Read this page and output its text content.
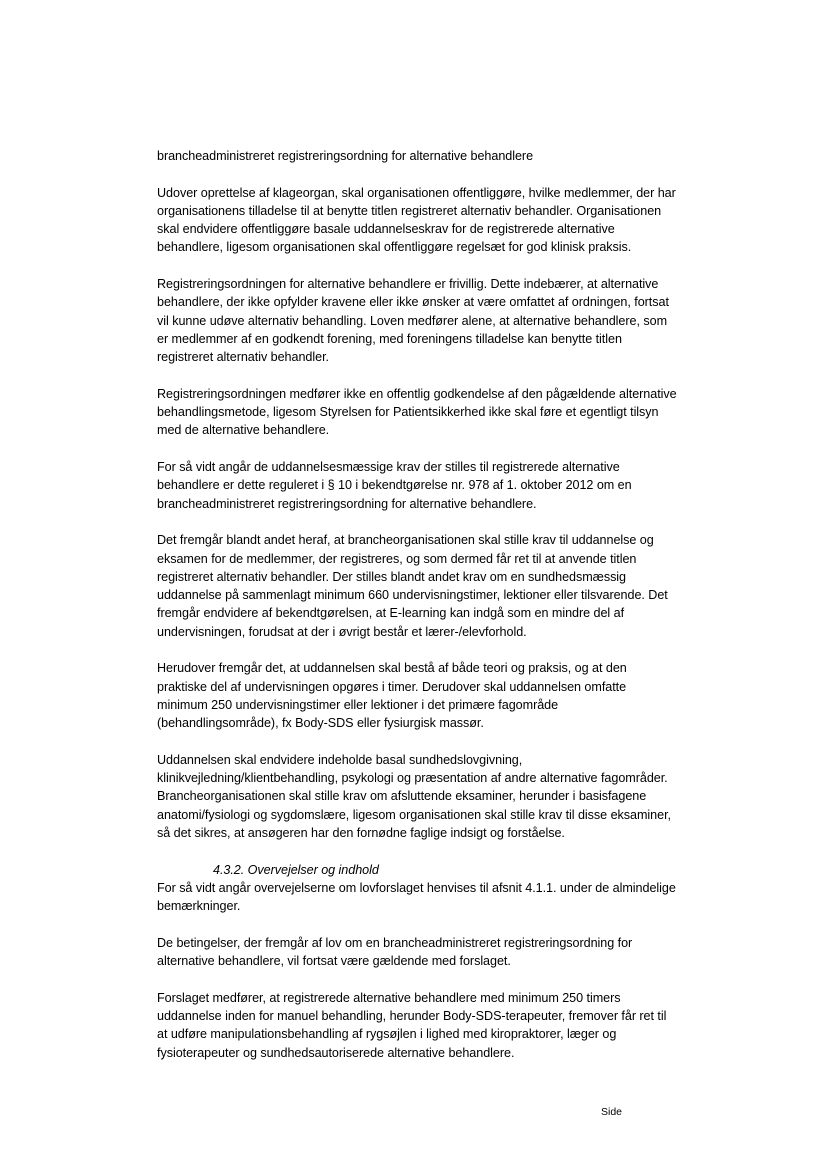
brancheadministreret registreringsordning for alternative behandlere

Udover oprettelse af klageorgan, skal organisationen offentliggøre, hvilke medlemmer, der har organisationens tilladelse til at benytte titlen registreret alternativ behandler. Organisationen skal endvidere offentliggøre basale uddannelseskrav for de registrerede alternative behandlere, ligesom organisationen skal offentliggøre regelsæt for god klinisk praksis.

Registreringsordningen for alternative behandlere er frivillig. Dette indebærer, at alternative behandlere, der ikke opfylder kravene eller ikke ønsker at være omfattet af ordningen, fortsat vil kunne udøve alternativ behandling. Loven medfører alene, at alternative behandlere, som er medlemmer af en godkendt forening, med foreningens tilladelse kan benytte titlen registreret alternativ behandler.

Registreringsordningen medfører ikke en offentlig godkendelse af den pågældende alternative behandlingsmetode, ligesom Styrelsen for Patientsikkerhed ikke skal føre et egentligt tilsyn med de alternative behandlere.

For så vidt angår de uddannelsesmæssige krav der stilles til registrerede alternative behandlere er dette reguleret i § 10 i bekendtgørelse nr. 978 af 1. oktober 2012 om en brancheadministreret registreringsordning for alternative behandlere.

Det fremgår blandt andet heraf, at brancheorganisationen skal stille krav til uddannelse og eksamen for de medlemmer, der registreres, og som dermed får ret til at anvende titlen registreret alternativ behandler. Der stilles blandt andet krav om en sundhedsmæssig uddannelse på sammenlagt minimum 660 undervisningstimer, lektioner eller tilsvarende. Det fremgår endvidere af bekendtgørelsen, at E-learning kan indgå som en mindre del af undervisningen, forudsat at der i øvrigt består et lærer-/elevforhold.

Herudover fremgår det, at uddannelsen skal bestå af både teori og praksis, og at den praktiske del af undervisningen opgøres i timer. Derudover skal uddannelsen omfatte minimum 250 undervisningstimer eller lektioner i det primære fagområde (behandlingsområde), fx Body-SDS eller fysiurgisk massør.

Uddannelsen skal endvidere indeholde basal sundhedslovgivning, klinikvejledning/klientbehandling, psykologi og præsentation af andre alternative fagområder. Brancheorganisationen skal stille krav om afsluttende eksaminer, herunder i basisfagene anatomi/fysiologi og sygdomslære, ligesom organisationen skal stille krav til disse eksaminer, så det sikres, at ansøgeren har den fornødne faglige indsigt og forståelse.

4.3.2. Overvejelser og indhold

For så vidt angår overvejelserne om lovforslaget henvises til afsnit 4.1.1. under de almindelige bemærkninger.

De betingelser, der fremgår af lov om en brancheadministreret registreringsordning for alternative behandlere, vil fortsat være gældende med forslaget.

Forslaget medfører, at registrerede alternative behandlere med minimum 250 timers uddannelse inden for manuel behandling, herunder Body-SDS-terapeuter, fremover får ret til at udføre manipulationsbehandling af rygsøjlen i lighed med kiropraktorer, læger og fysioterapeuter og sundhedsautoriserede alternative behandlere.

Side
